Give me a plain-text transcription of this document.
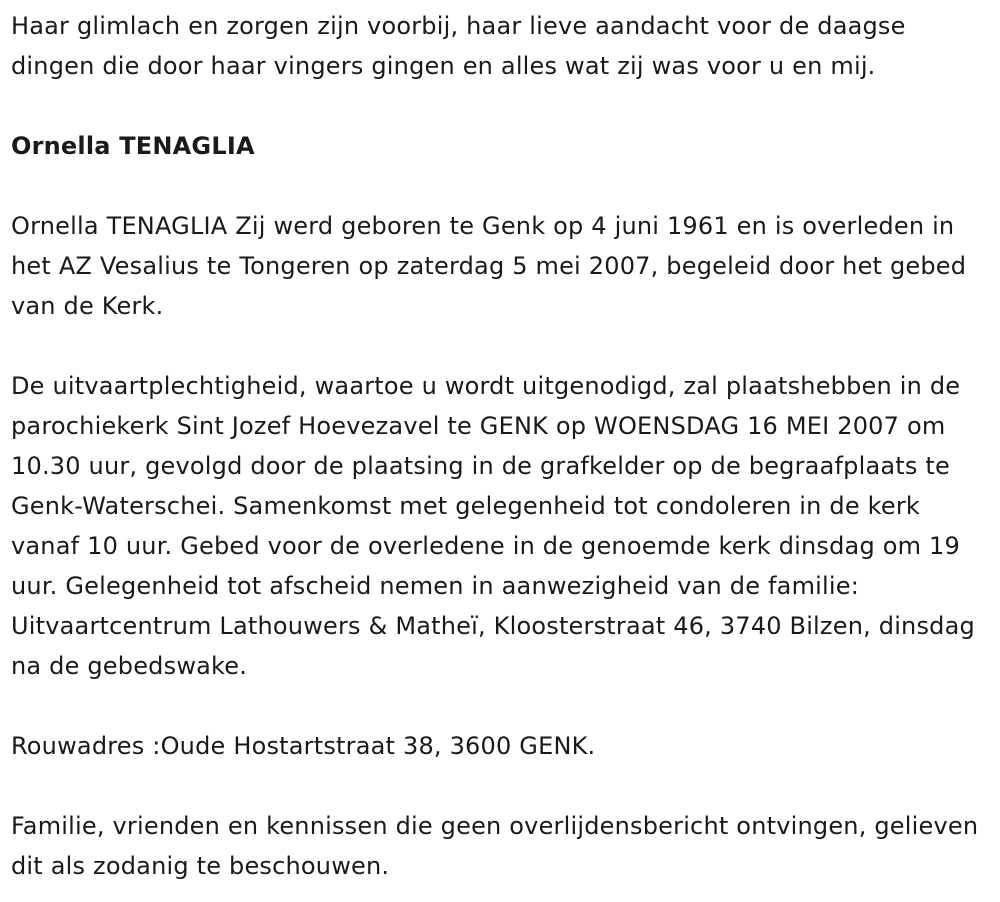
Haar glimlach en zorgen zijn voorbij, haar lieve aandacht voor de daagse dingen die door haar vingers gingen en alles wat zij was voor u en mij.

Ornella TENAGLIA

Ornella TENAGLIA Zij werd geboren te Genk op 4 juni 1961 en is overleden in het AZ Vesalius te Tongeren op zaterdag 5 mei 2007, begeleid door het gebed van de Kerk.

De uitvaartplechtigheid, waartoe u wordt uitgenodigd, zal plaatshebben in de parochiekerk Sint Jozef Hoevezavel te GENK op WOENSDAG 16 MEI 2007 om 10.30 uur, gevolgd door de plaatsing in de grafkelder op de begraafplaats te Genk-Waterschei. Samenkomst met gelegenheid tot condoleren in de kerk vanaf 10 uur. Gebed voor de overledene in de genoemde kerk dinsdag om 19 uur. Gelegenheid tot afscheid nemen in aanwezigheid van de familie: Uitvaartcentrum Lathouwers & Matheï, Kloosterstraat 46, 3740 Bilzen, dinsdag na de gebedswake.

Rouwadres :Oude Hostartstraat 38, 3600 GENK.

Familie, vrienden en kennissen die geen overlijdensbericht ontvingen, gelieven dit als zodanig te beschouwen.
